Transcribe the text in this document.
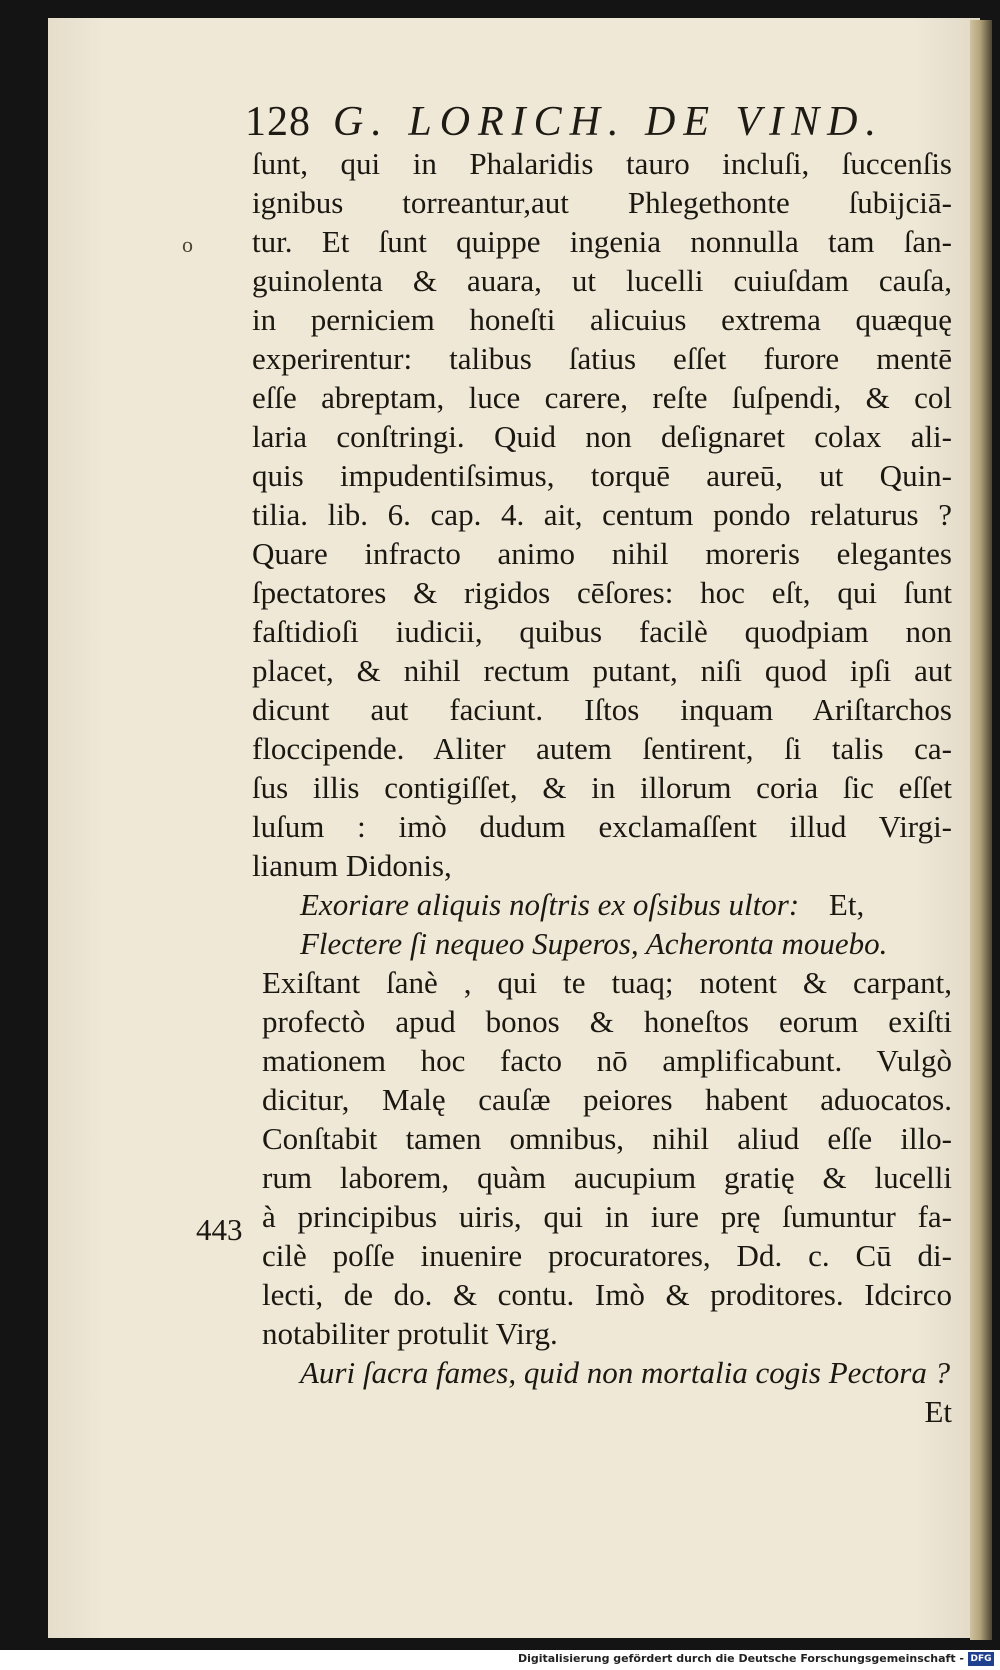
128 G. LORICH. DE VIND.
o
443
ſunt, qui in Phalaridis tauro incluſi, ſuccenſis
ignibus torreantur,aut Phlegethonte ſubijciā-
tur. Et ſunt quippe ingenia nonnulla tam ſan-
guinolenta & auara, ut lucelli cuiuſdam cauſa,
in perniciem honeſti alicuius extrema quæquę
experirentur: talibus ſatius eſſet furore mentē
eſſe abreptam, luce carere, reſte ſuſpendi, & col
laria conſtringi. Quid non deſignaret colax ali-
quis impudentiſsimus, torquē aureū, ut Quin-
tilia. lib. 6. cap. 4. ait, centum pondo relaturus ?
Quare infracto animo nihil moreris elegantes
ſpectatores & rigidos cēſores: hoc eſt, qui ſunt
faſtidioſi iudicii, quibus facilè quodpiam non
placet, & nihil rectum putant, niſi quod ipſi aut
dicunt aut faciunt. Iſtos inquam Ariſtarchos
floccipende. Aliter autem ſentirent, ſi talis ca-
ſus illis contigiſſet, & in illorum coria ſic eſſet
luſum : imò dudum exclamaſſent illud Virgi-
lianum Didonis,
Exoriare aliquis noſtris ex oſsibus ultor: Et,
Flectere ſi nequeo Superos, Acheronta mouebo.
Exiſtant ſanè , qui te tuaq; notent & carpant,
profectò apud bonos & honeſtos eorum exiſti
mationem hoc facto nō amplificabunt. Vulgò
dicitur, Malę cauſæ peiores habent aduocatos.
Conſtabit tamen omnibus, nihil aliud eſſe illo-
rum laborem, quàm aucupium gratię & lucelli
à principibus uiris, qui in iure prę ſumuntur fa-
cilè poſſe inuenire procuratores, Dd. c. Cū di-
lecti, de do. & contu. Imò & proditores. Idcirco
notabiliter protulit Virg.
Auri ſacra fames, quid non mortalia cogis Pectora ?
Et
Digitalisierung gefördert durch die Deutsche Forschungsgemeinschaft - DFG
